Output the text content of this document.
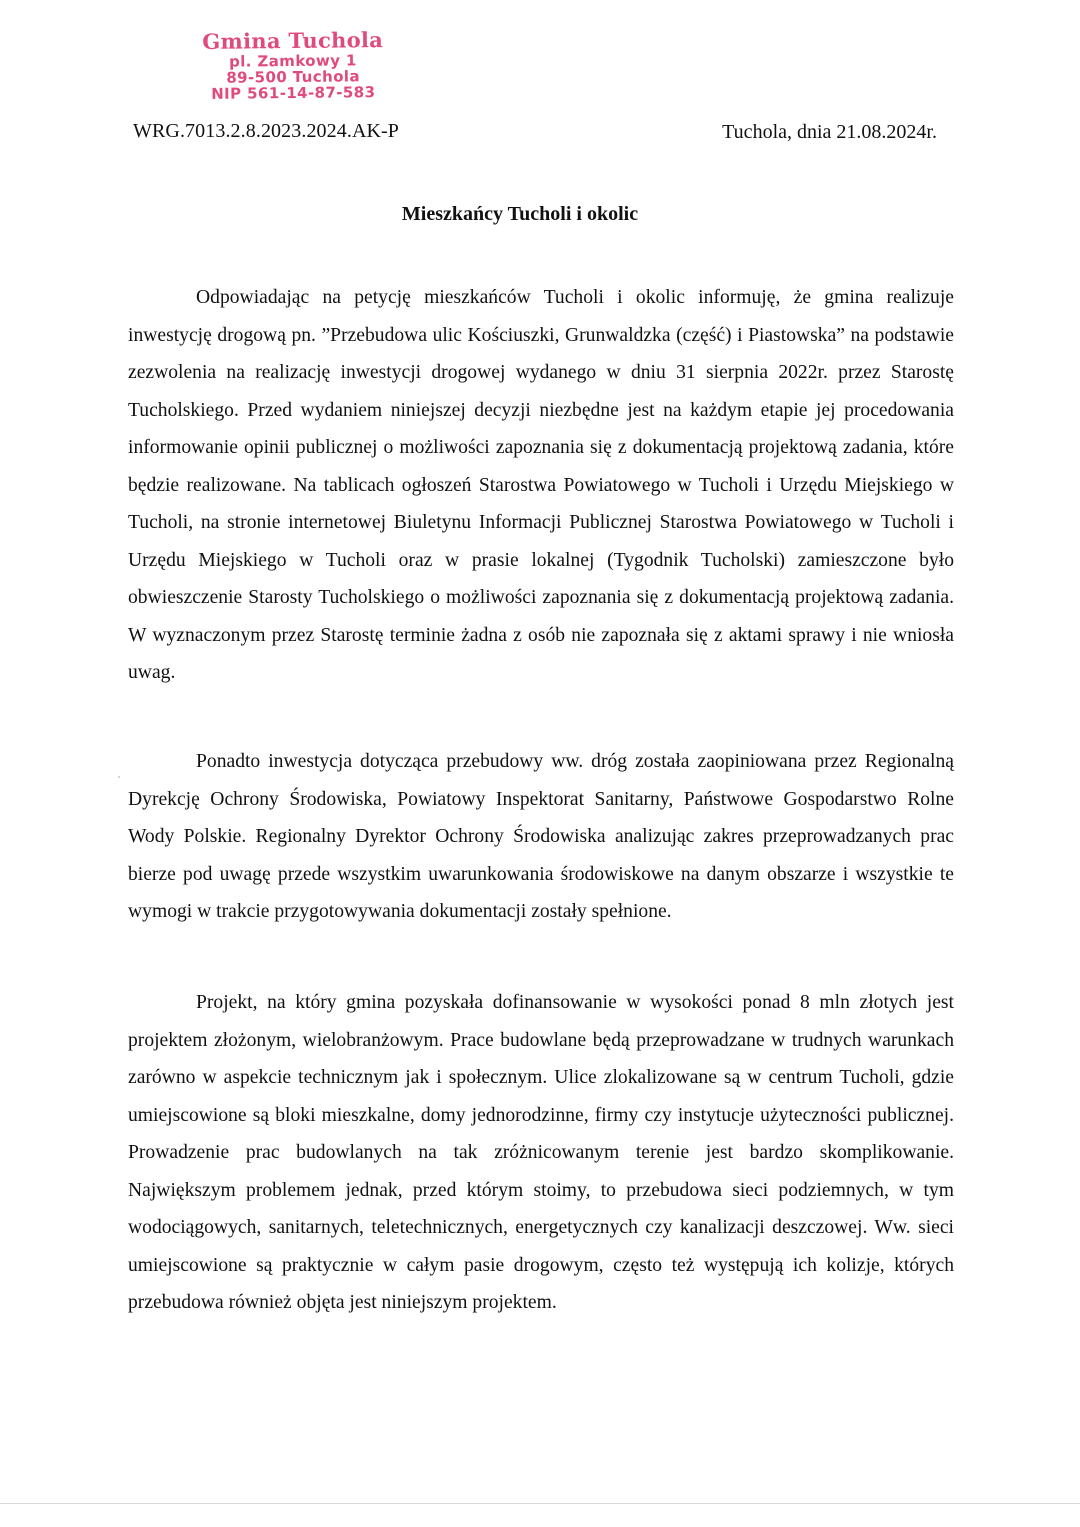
Gmina Tuchola
pl. Zamkowy 1
89-500 Tuchola
NIP 561-14-87-583
WRG.7013.2.8.2023.2024.AK-P	Tuchola, dnia 21.08.2024r.
Mieszkańcy Tucholi i okolic

Odpowiadając na petycję mieszkańców Tucholi i okolic informuję, że gmina realizuje inwestycję drogową pn. ”Przebudowa ulic Kościuszki, Grunwaldzka (część) i Piastowska” na podstawie zezwolenia na realizację inwestycji drogowej wydanego w dniu 31 sierpnia 2022r. przez Starostę Tucholskiego. Przed wydaniem niniejszej decyzji niezbędne jest na każdym etapie jej procedowania informowanie opinii publicznej o możliwości zapoznania się z dokumentacją projektową zadania, które będzie realizowane. Na tablicach ogłoszeń Starostwa Powiatowego w Tucholi i Urzędu Miejskiego w Tucholi, na stronie internetowej Biuletynu Informacji Publicznej Starostwa Powiatowego w Tucholi i Urzędu Miejskiego w Tucholi oraz w prasie lokalnej (Tygodnik Tucholski) zamieszczone było obwieszczenie Starosty Tucholskiego o możliwości zapoznania się z dokumentacją projektową zadania. W wyznaczonym przez Starostę terminie żadna z osób nie zapoznała się z aktami sprawy i nie wniosła uwag.

Ponadto inwestycja dotycząca przebudowy ww. dróg została zaopiniowana przez Regionalną Dyrekcję Ochrony Środowiska, Powiatowy Inspektorat Sanitarny, Państwowe Gospodarstwo Rolne Wody Polskie. Regionalny Dyrektor Ochrony Środowiska analizując zakres przeprowadzanych prac bierze pod uwagę przede wszystkim uwarunkowania środowiskowe na danym obszarze i wszystkie te wymogi w trakcie przygotowywania dokumentacji zostały spełnione.

Projekt, na który gmina pozyskała dofinansowanie w wysokości ponad 8 mln złotych jest projektem złożonym, wielobranżowym. Prace budowlane będą przeprowadzane w trudnych warunkach zarówno w aspekcie technicznym jak i społecznym. Ulice zlokalizowane są w centrum Tucholi, gdzie umiejscowione są bloki mieszkalne, domy jednorodzinne, firmy czy instytucje użyteczności publicznej. Prowadzenie prac budowlanych na tak zróżnicowanym terenie jest bardzo skomplikowanie. Największym problemem jednak, przed którym stoimy, to przebudowa sieci podziemnych, w tym wodociągowych, sanitarnych, teletechnicznych, energetycznych czy kanalizacji deszczowej. Ww. sieci umiejscowione są praktycznie w całym pasie drogowym, często też występują ich kolizje, których przebudowa również objęta jest niniejszym projektem.
